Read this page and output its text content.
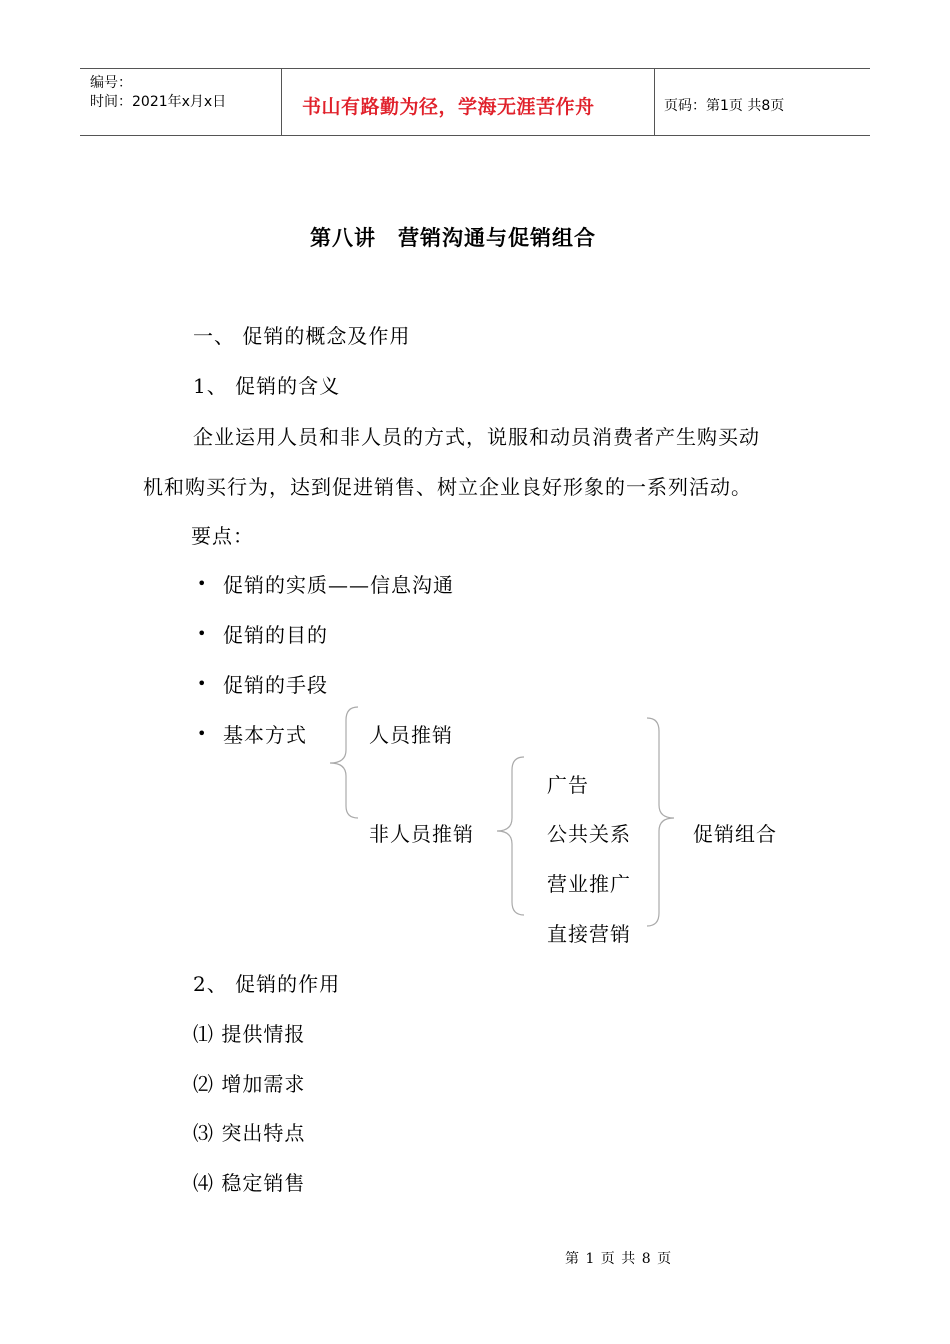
编号：
时间：2021年x月x日	书山有路勤为径，学海无涯苦作舟	页码：第1页 共8页
第八讲　营销沟通与促销组合
一、 促销的概念及作用
1、 促销的含义
企业运用人员和非人员的方式，说服和动员消费者产生购买动
机和购买行为，达到促进销售、树立企业良好形象的一系列活动。
要点：
• 促销的实质——信息沟通
• 促销的目的
• 促销的手段
• 基本方式	人员推销
非人员推销
广告
公共关系
营业推广
直接营销
促销组合
2、 促销的作用
⑴ 提供情报
⑵ 增加需求
⑶ 突出特点
⑷ 稳定销售
第 1 页 共 8 页
